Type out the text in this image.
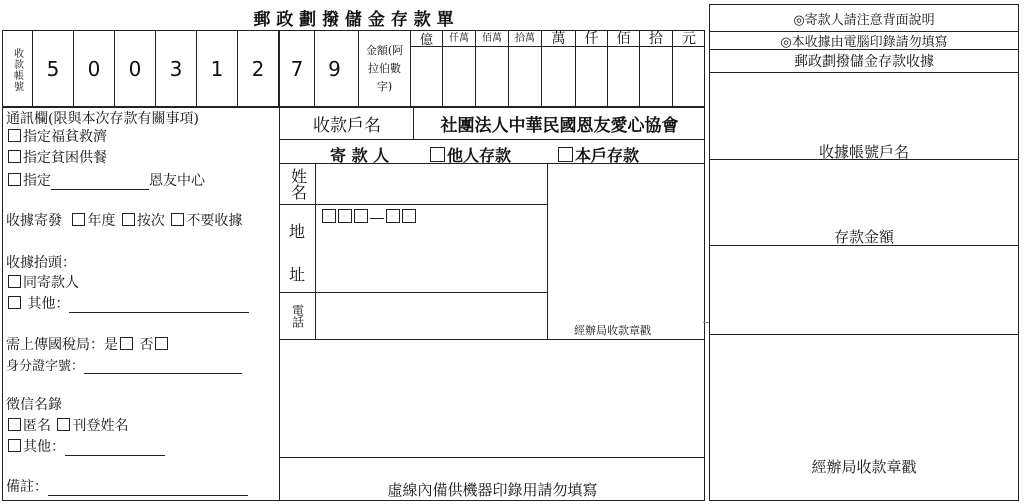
郵 政 劃 撥 儲 金 存 款 單
收款帳號	5	0	0	3	1	2	7	9
金額(阿拉伯數字)
億	仟萬	佰萬	拾萬	萬	仟	佰	拾	元
通訊欄(限與本次存款有關事項)
指定福貧救濟
指定貧困供餐
指定	恩友中心
收據寄發 年度 按次 不要收據
收據抬頭：
同寄款人
其他：
需上傳國稅局：是 否
身分證字號：
徵信名錄
匿名 刊登姓名
其他：
備註：
收款戶名	社團法人中華民國恩友愛心協會
寄 款 人	他人存款	本戶存款
姓名
地
址
電話
經辦局收款章戳
虛線內備供機器印錄用請勿填寫
◎寄款人請注意背面說明
◎本收據由電腦印錄請勿填寫
郵政劃撥儲金存款收據
收據帳號戶名
存款金額
經辦局收款章戳
